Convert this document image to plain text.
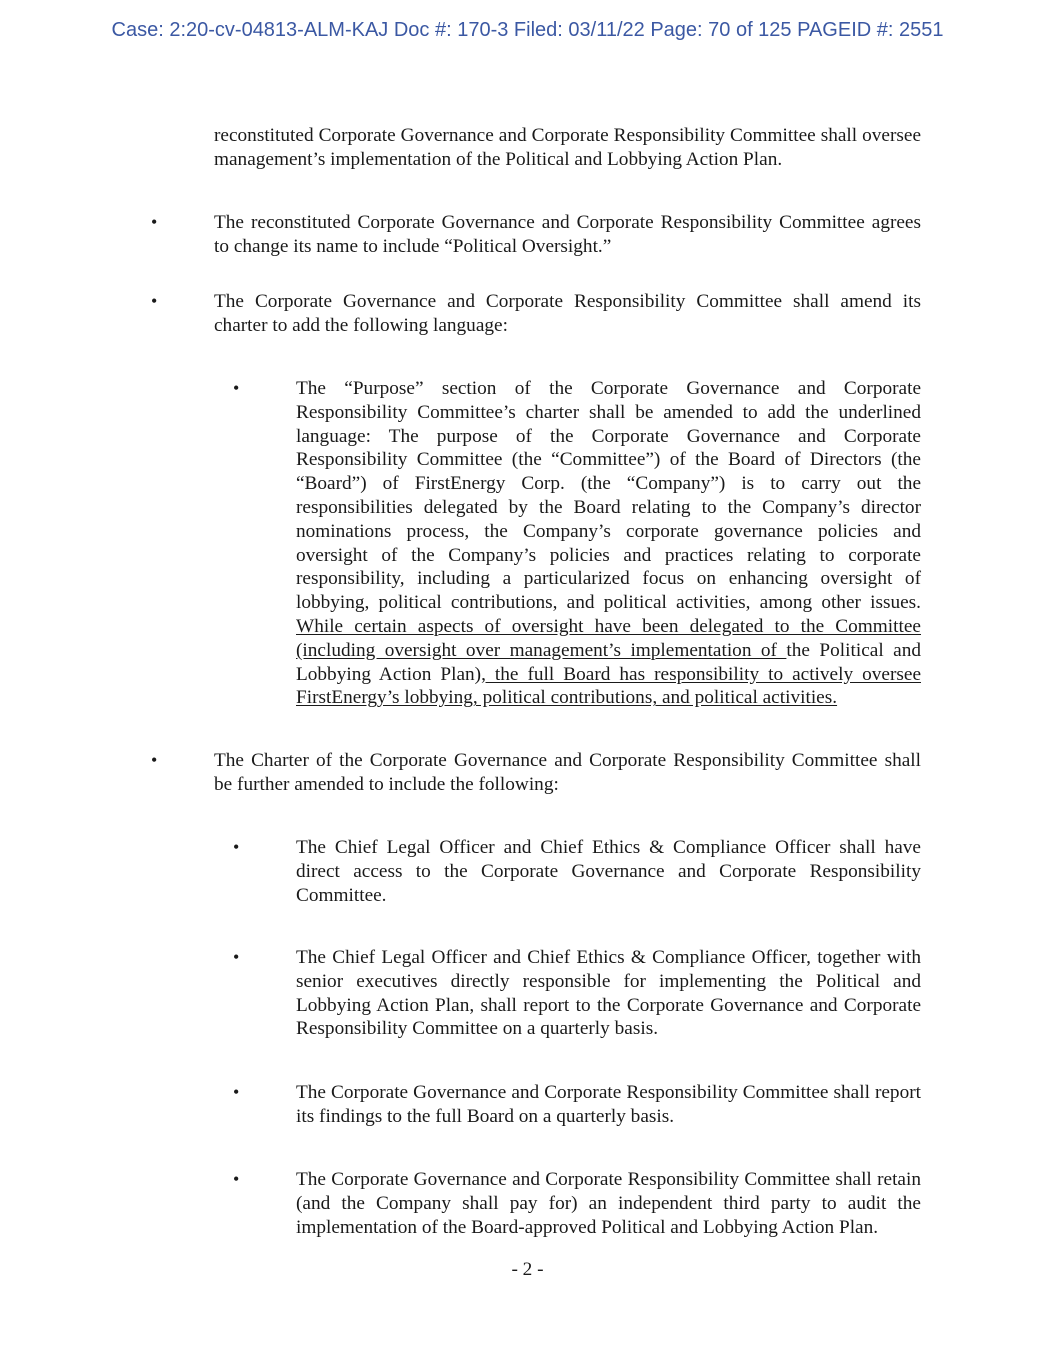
Case: 2:20-cv-04813-ALM-KAJ Doc #: 170-3 Filed: 03/11/22 Page: 70 of 125 PAGEID #: 2551
reconstituted Corporate Governance and Corporate Responsibility Committee shall oversee management’s implementation of the Political and Lobbying Action Plan.
•	The reconstituted Corporate Governance and Corporate Responsibility Committee agrees to change its name to include “Political Oversight.”
•	The Corporate Governance and Corporate Responsibility Committee shall amend its charter to add the following language:
•	The “Purpose” section of the Corporate Governance and Corporate Responsibility Committee’s charter shall be amended to add the underlined language: The purpose of the Corporate Governance and Corporate Responsibility Committee (the “Committee”) of the Board of Directors (the “Board”) of FirstEnergy Corp. (the “Company”) is to carry out the responsibilities delegated by the Board relating to the Company’s director nominations process, the Company’s corporate governance policies and oversight of the Company’s policies and practices relating to corporate responsibility, including a particularized focus on enhancing oversight of lobbying, political contributions, and political activities, among other issues. While certain aspects of oversight have been delegated to the Committee (including oversight over management’s implementation of the Political and Lobbying Action Plan), the full Board has responsibility to actively oversee FirstEnergy’s lobbying, political contributions, and political activities.
•	The Charter of the Corporate Governance and Corporate Responsibility Committee shall be further amended to include the following:
•	The Chief Legal Officer and Chief Ethics & Compliance Officer shall have direct access to the Corporate Governance and Corporate Responsibility Committee.
•	The Chief Legal Officer and Chief Ethics & Compliance Officer, together with senior executives directly responsible for implementing the Political and Lobbying Action Plan, shall report to the Corporate Governance and Corporate Responsibility Committee on a quarterly basis.
•	The Corporate Governance and Corporate Responsibility Committee shall report its findings to the full Board on a quarterly basis.
•	The Corporate Governance and Corporate Responsibility Committee shall retain (and the Company shall pay for) an independent third party to audit the implementation of the Board-approved Political and Lobbying Action Plan.
- 2 -
